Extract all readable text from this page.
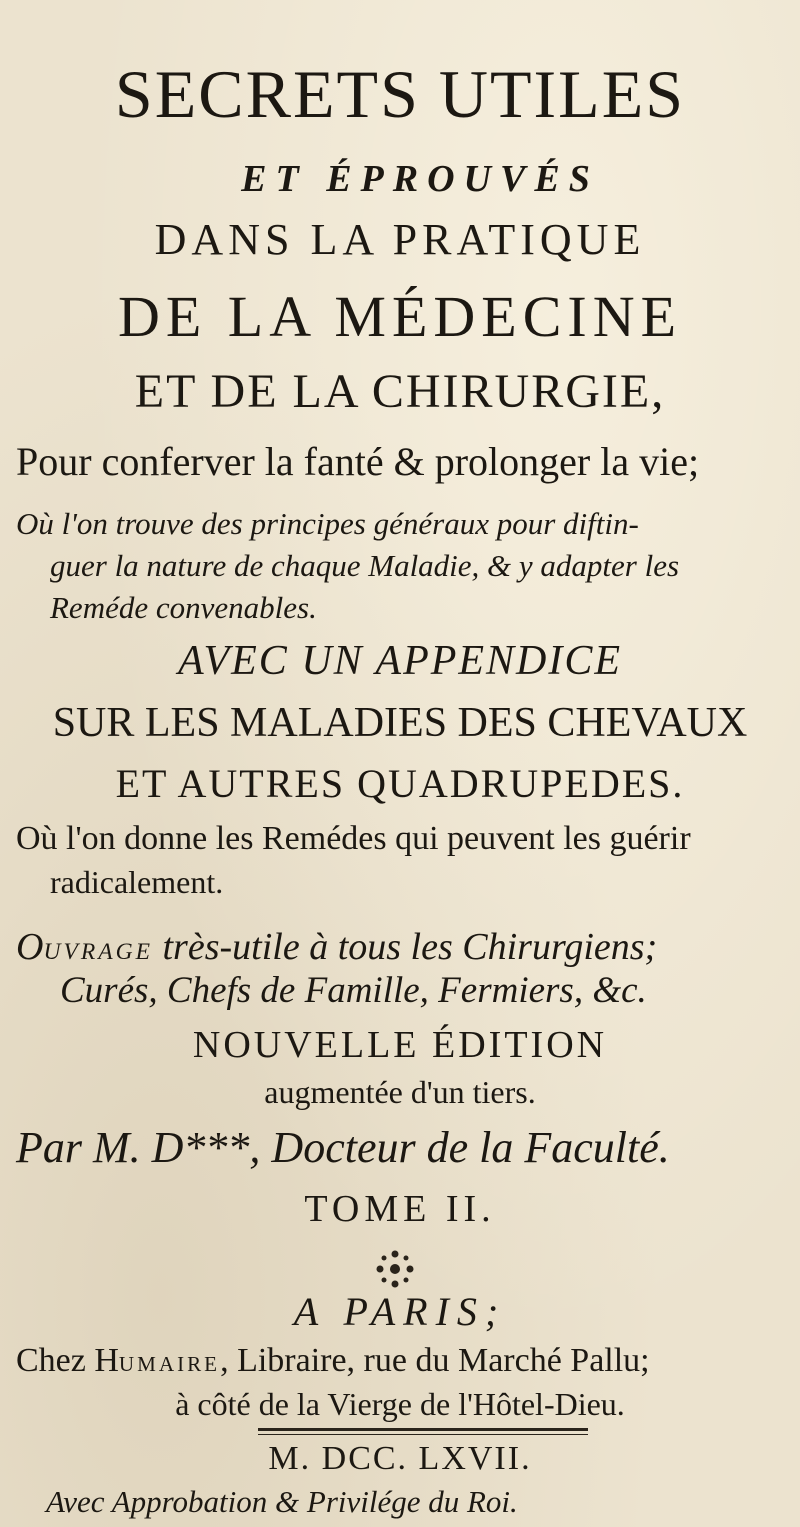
SECRETS UTILES
ET ÉPROUVÉS
DANS LA PRATIQUE
DE LA MÉDECINE
ET DE LA CHIRURGIE,
Pour conferver la fanté & prolonger la vie;
Où l'on trouve des principes généraux pour diftin-
guer la nature de chaque Maladie, & y adapter les
Reméde convenables.
AVEC UN APPENDICE
SUR LES MALADIES DES CHEVAUX
ET AUTRES QUADRUPEDES.
Où l'on donne les Remédes qui peuvent les guérir
radicalement.
OUVRAGE très-utile à tous les Chirurgiens;
Curés, Chefs de Famille, Fermiers, &c.
NOUVELLE ÉDITION
augmentée d'un tiers.
Par M. D***, Docteur de la Faculté.
TOME II.
A PARIS;
Chez HUMAIRE, Libraire, rue du Marché Pallu;
à côté de la Vierge de l'Hôtel-Dieu.
M. DCC. LXVII.
Avec Approbation & Privilége du Roi.
